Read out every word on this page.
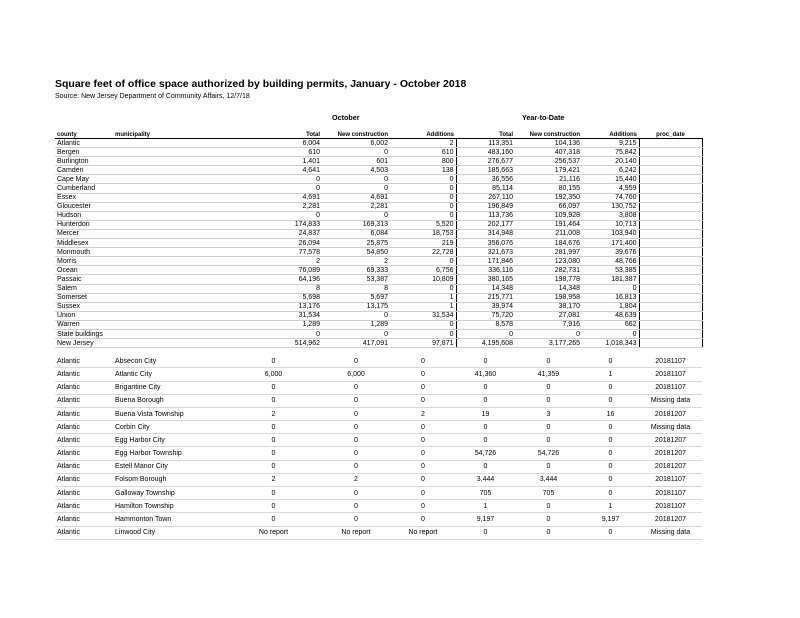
Square feet of office space authorized by building permits, January - October 2018
Source: New Jersey Department of Community Affairs, 12/7/18
October	Year-to-Date
county	municipality	Total	New construction	Additions	Total	New construction	Additions	proc_date
Atlantic		6,004	6,002	2	113,351	104,136	9,215	
Bergen		610	0	610	483,160	407,318	75,842	
Burlington		1,401	601	800	276,677	256,537	20,140	
Camden		4,641	4,503	138	185,663	179,421	6,242	
Cape May		0	0	0	36,556	21,116	15,440	
Cumberland		0	0	0	85,114	80,155	4,959	
Essex		4,691	4,691	0	267,110	192,350	74,760	
Gloucester		2,281	2,281	0	196,849	66,097	130,752	
Hudson		0	0	0	113,736	109,928	3,808	
Hunterdon		174,833	169,313	5,520	202,177	191,464	10,713	
Mercer		24,837	6,084	18,753	314,948	211,008	103,940	
Middlesex		26,094	25,875	219	356,076	184,676	171,400	
Monmouth		77,578	54,850	22,728	321,673	281,997	39,676	
Morris		2	2	0	171,846	123,080	48,766	
Ocean		76,089	69,333	6,756	336,116	282,731	53,385	
Passaic		64,196	53,387	10,809	380,165	198,778	181,387	
Salem		8	8	0	14,348	14,348	0	
Somerset		5,698	5,697	1	215,771	198,958	16,813	
Sussex		13,176	13,175	1	39,974	38,170	1,804	
Union		31,534	0	31,534	75,720	27,081	48,639	
Warren		1,289	1,289	0	8,578	7,916	662	
State buildings		0	0	0	0	0	0	
New Jersey		514,962	417,091	97,871	4,195,608	3,177,265	1,018,343	

Atlantic	Absecon City	0	0	0	0	0	0	20181107
Atlantic	Atlantic City	6,000	6,000	0	41,360	41,359	1	20181107
Atlantic	Brigantine City	0	0	0	0	0	0	20181107
Atlantic	Buena Borough	0	0	0	0	0	0	Missing data
Atlantic	Buena Vista Township	2	0	2	19	3	16	20181207
Atlantic	Corbin City	0	0	0	0	0	0	Missing data
Atlantic	Egg Harbor City	0	0	0	0	0	0	20181207
Atlantic	Egg Harbor Township	0	0	0	54,726	54,726	0	20181207
Atlantic	Estell Manor City	0	0	0	0	0	0	20181207
Atlantic	Folsom Borough	2	2	0	3,444	3,444	0	20181107
Atlantic	Galloway Township	0	0	0	705	705	0	20181107
Atlantic	Hamilton Township	0	0	0	1	0	1	20181107
Atlantic	Hammonton Town	0	0	0	9,197	0	9,197	20181207
Atlantic	Linwood City	No report	No report	No report	0	0	0	Missing data
